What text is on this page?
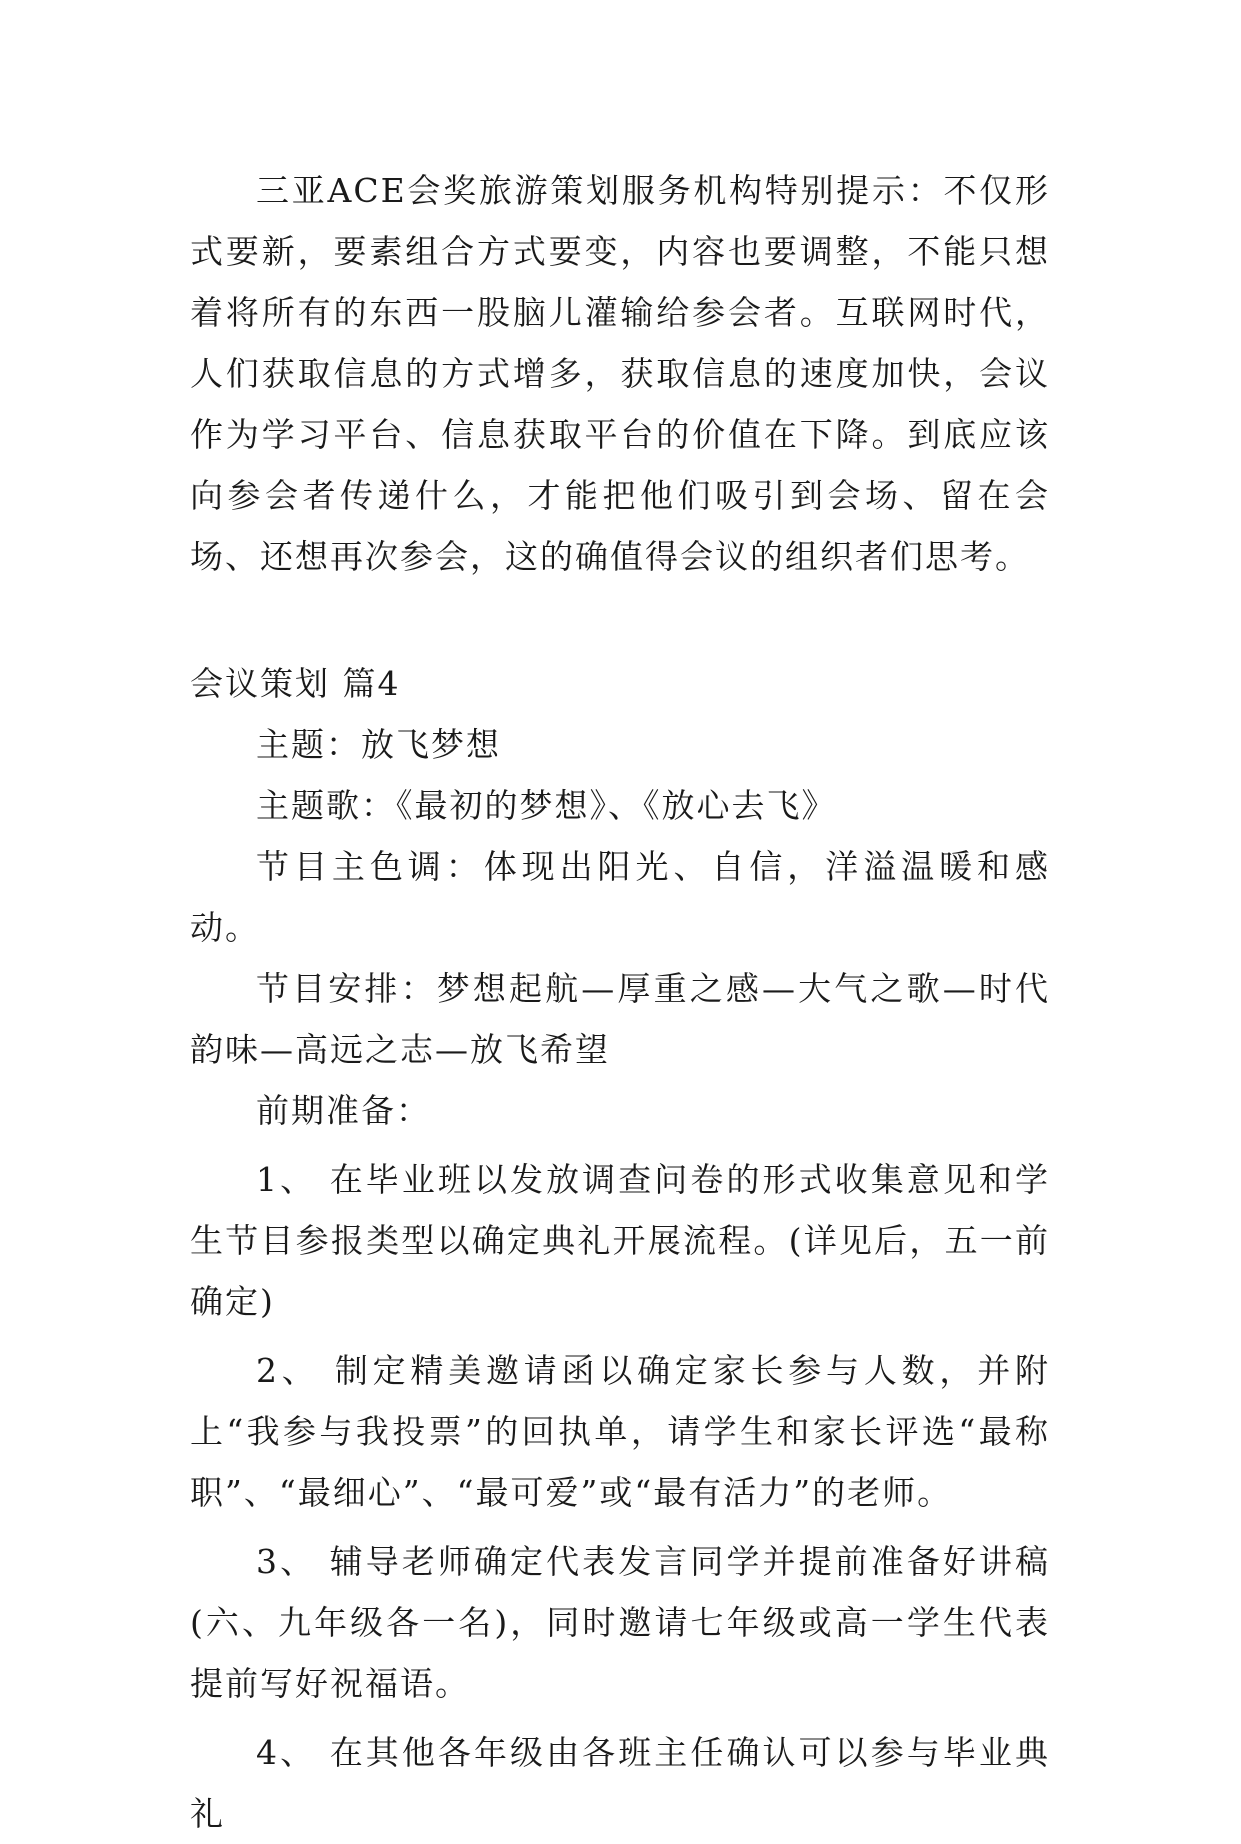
三亚ACE会奖旅游策划服务机构特别提示：不仅形式要新，要素组合方式要变，内容也要调整，不能只想着将所有的东西一股脑儿灌输给参会者。互联网时代，人们获取信息的方式增多，获取信息的速度加快，会议作为学习平台、信息获取平台的价值在下降。到底应该向参会者传递什么，才能把他们吸引到会场、留在会场、还想再次参会，这的确值得会议的组织者们思考。

会议策划 篇4

主题：放飞梦想

主题歌：《最初的梦想》、《放心去飞》

节目主色调：体现出阳光、自信，洋溢温暖和感动。

节目安排：梦想起航—厚重之感—大气之歌—时代韵味—高远之志—放飞希望

前期准备：

1、 在毕业班以发放调查问卷的形式收集意见和学生节目参报类型以确定典礼开展流程。(详见后，五一前确定)

2、 制定精美邀请函以确定家长参与人数，并附上“我参与我投票”的回执单，请学生和家长评选“最称职”、“最细心”、“最可爱”或“最有活力”的老师。

3、 辅导老师确定代表发言同学并提前准备好讲稿(六、九年级各一名)，同时邀请七年级或高一学生代表提前写好祝福语。

4、 在其他各年级由各班主任确认可以参与毕业典礼
